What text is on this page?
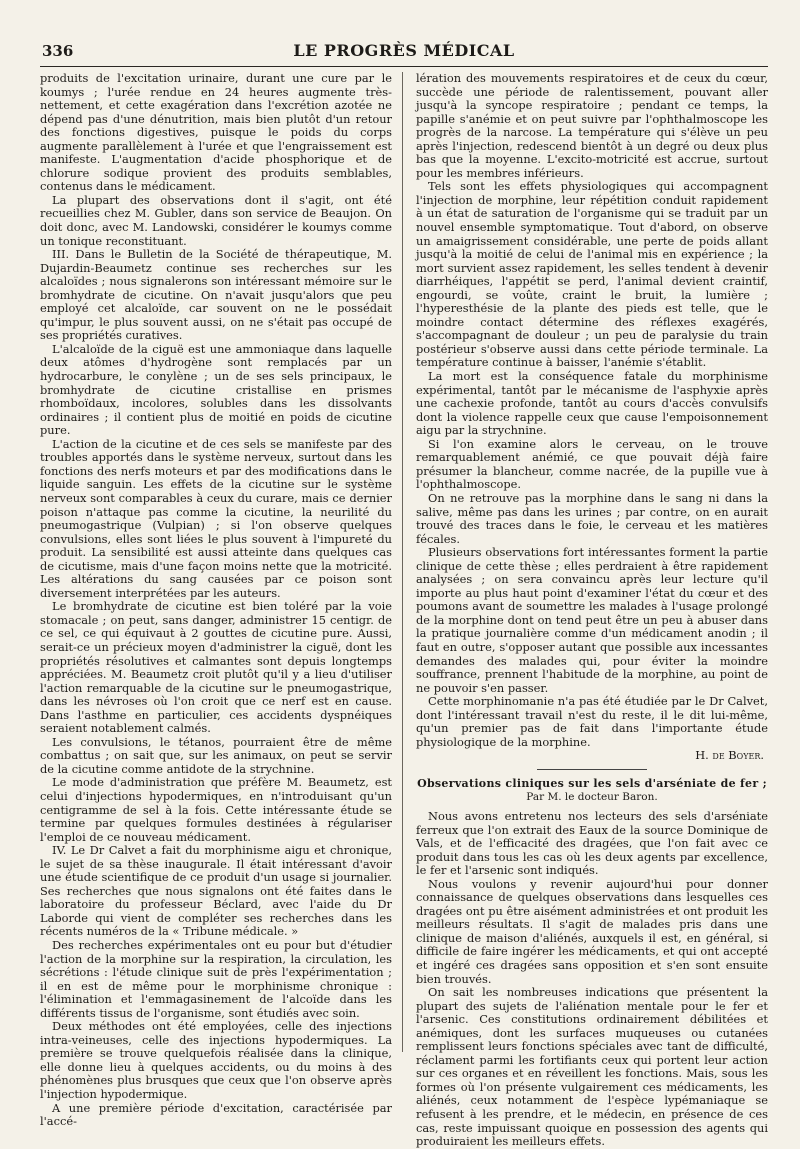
336	LE PROGRÈS MÉDICAL

produits de l'excitation urinaire, durant une cure par le koumys ; l'urée rendue en 24 heures augmente très-nettement, et cette exagération dans l'excrétion azotée ne dépend pas d'une dénutrition, mais bien plutôt d'un retour des fonctions digestives, puisque le poids du corps augmente parallèlement à l'urée et que l'engraissement est manifeste. L'augmentation d'acide phosphorique et de chlorure sodique provient des produits semblables, contenus dans le médicament.

La plupart des observations dont il s'agit, ont été recueillies chez M. Gubler, dans son service de Beaujon. On doit donc, avec M. Landowski, considérer le koumys comme un tonique reconstituant.

III. Dans le Bulletin de la Société de thérapeutique, M. Dujardin-Beaumetz continue ses recherches sur les alcaloïdes ; nous signalerons son intéressant mémoire sur le bromhydrate de cicutine. On n'avait jusqu'alors que peu employé cet alcaloïde, car souvent on ne le possédait qu'impur, le plus souvent aussi, on ne s'était pas occupé de ses propriétés curatives.

L'alcaloïde de la ciguë est une ammoniaque dans laquelle deux atômes d'hydrogène sont remplacés par un hydrocarbure, le conylène ; un de ses sels principaux, le bromhydrate de cicutine cristallise en prismes rhomboïdaux, incolores, solubles dans les dissolvants ordinaires ; il contient plus de moitié en poids de cicutine pure.

L'action de la cicutine et de ces sels se manifeste par des troubles apportés dans le système nerveux, surtout dans les fonctions des nerfs moteurs et par des modifications dans le liquide sanguin. Les effets de la cicutine sur le système nerveux sont comparables à ceux du curare, mais ce dernier poison n'attaque pas comme la cicutine, la neurilité du pneumogastrique (Vulpian) ; si l'on observe quelques convulsions, elles sont liées le plus souvent à l'impureté du produit. La sensibilité est aussi atteinte dans quelques cas de cicutisme, mais d'une façon moins nette que la motricité. Les altérations du sang causées par ce poison sont diversement interprétées par les auteurs.

Le bromhydrate de cicutine est bien toléré par la voie stomacale ; on peut, sans danger, administrer 15 centigr. de ce sel, ce qui équivaut à 2 gouttes de cicutine pure. Aussi, serait-ce un précieux moyen d'administrer la ciguë, dont les propriétés résolutives et calmantes sont depuis longtemps appréciées. M. Beaumetz croit plutôt qu'il y a lieu d'utiliser l'action remarquable de la cicutine sur le pneumogastrique, dans les névroses où l'on croit que ce nerf est en cause. Dans l'asthme en particulier, ces accidents dyspnéiques seraient notablement calmés.

Les convulsions, le tétanos, pourraient être de même combattus ; on sait que, sur les animaux, on peut se servir de la cicutine comme antidote de la strychnine.

Le mode d'administration que préfère M. Beaumetz, est celui d'injections hypodermiques, en n'introduisant qu'un centigramme de sel à la fois. Cette intéressante étude se termine par quelques formules destinées à régulariser l'emploi de ce nouveau médicament.

IV. Le Dr Calvet a fait du morphinisme aigu et chronique, le sujet de sa thèse inaugurale. Il était intéressant d'avoir une étude scientifique de ce produit d'un usage si journalier. Ses recherches que nous signalons ont été faites dans le laboratoire du professeur Béclard, avec l'aide du Dr Laborde qui vient de compléter ses recherches dans les récents numéros de la « Tribune médicale. »

Des recherches expérimentales ont eu pour but d'étudier l'action de la morphine sur la respiration, la circulation, les sécrétions : l'étude clinique suit de près l'expérimentation ; il en est de même pour le morphinisme chronique : l'élimination et l'emmagasinement de l'alcoïde dans les différents tissus de l'organisme, sont étudiés avec soin.

Deux méthodes ont été employées, celle des injections intra-veineuses, celle des injections hypodermiques. La première se trouve quelquefois réalisée dans la clinique, elle donne lieu à quelques accidents, ou du moins à des phénomènes plus brusques que ceux que l'on observe après l'injection hypodermique.

A une première période d'excitation, caractérisée par l'accé-

lération des mouvements respiratoires et de ceux du cœur, succède une période de ralentissement, pouvant aller jusqu'à la syncope respiratoire ; pendant ce temps, la papille s'anémie et on peut suivre par l'ophthalmoscope les progrès de la narcose. La température qui s'élève un peu après l'injection, redescend bientôt à un degré ou deux plus bas que la moyenne. L'excito-motricité est accrue, surtout pour les membres inférieurs.

Tels sont les effets physiologiques qui accompagnent l'injection de morphine, leur répétition conduit rapidement à un état de saturation de l'organisme qui se traduit par un nouvel ensemble symptomatique. Tout d'abord, on observe un amaigrissement considérable, une perte de poids allant jusqu'à la moitié de celui de l'animal mis en expérience ; la mort survient assez rapidement, les selles tendent à devenir diarrhéiques, l'appétit se perd, l'animal devient craintif, engourdi, se voûte, craint le bruit, la lumière ; l'hyperesthésie de la plante des pieds est telle, que le moindre contact détermine des réflexes exagérés, s'accompagnant de douleur ; un peu de paralysie du train postérieur s'observe aussi dans cette période terminale. La température continue à baisser, l'anémie s'établit.

La mort est la conséquence fatale du morphinisme expérimental, tantôt par le mécanisme de l'asphyxie après une cachexie profonde, tantôt au cours d'accès convulsifs dont la violence rappelle ceux que cause l'empoisonnement aigu par la strychnine.

Si l'on examine alors le cerveau, on le trouve remarquablement anémié, ce que pouvait déjà faire présumer la blancheur, comme nacrée, de la pupille vue à l'ophthalmoscope.

On ne retrouve pas la morphine dans le sang ni dans la salive, même pas dans les urines ; par contre, on en aurait trouvé des traces dans le foie, le cerveau et les matières fécales.

Plusieurs observations fort intéressantes forment la partie clinique de cette thèse ; elles perdraient à être rapidement analysées ; on sera convaincu après leur lecture qu'il importe au plus haut point d'examiner l'état du cœur et des poumons avant de soumettre les malades à l'usage prolongé de la morphine dont on tend peut être un peu à abuser dans la pratique journalière comme d'un médicament anodin ; il faut en outre, s'opposer autant que possible aux incessantes demandes des malades qui, pour éviter la moindre souffrance, prennent l'habitude de la morphine, au point de ne pouvoir s'en passer.

Cette morphinomanie n'a pas été étudiée par le Dr Calvet, dont l'intéressant travail n'est du reste, il le dit lui-même, qu'un premier pas de fait dans l'importante étude physiologique de la morphine.

H. de Boyer.
Observations cliniques sur les sels d'arséniate de fer ;
Par M. le docteur Baron.

Nous avons entretenu nos lecteurs des sels d'arséniate ferreux que l'on extrait des Eaux de la source Dominique de Vals, et de l'efficacité des dragées, que l'on fait avec ce produit dans tous les cas où les deux agents par excellence, le fer et l'arsenic sont indiqués.

Nous voulons y revenir aujourd'hui pour donner connaissance de quelques observations dans lesquelles ces dragées ont pu être aisément administrées et ont produit les meilleurs résultats. Il s'agit de malades pris dans une clinique de maison d'aliénés, auxquels il est, en général, si difficile de faire ingérer les médicaments, et qui ont accepté et ingéré ces dragées sans opposition et s'en sont ensuite bien trouvés.

On sait les nombreuses indications que présentent la plupart des sujets de l'aliénation mentale pour le fer et l'arsenic. Ces constitutions ordinairement débilitées et anémiques, dont les surfaces muqueuses ou cutanées remplissent leurs fonctions spéciales avec tant de difficulté, réclament parmi les fortifiants ceux qui portent leur action sur ces organes et en réveillent les fonctions. Mais, sous les formes où l'on présente vulgairement ces médicaments, les aliénés, ceux notamment de l'espèce lypémaniaque se refusent à les prendre, et le médecin, en présence de ces cas, reste impuissant quoique en possession des agents qui produiraient les meilleurs effets.
